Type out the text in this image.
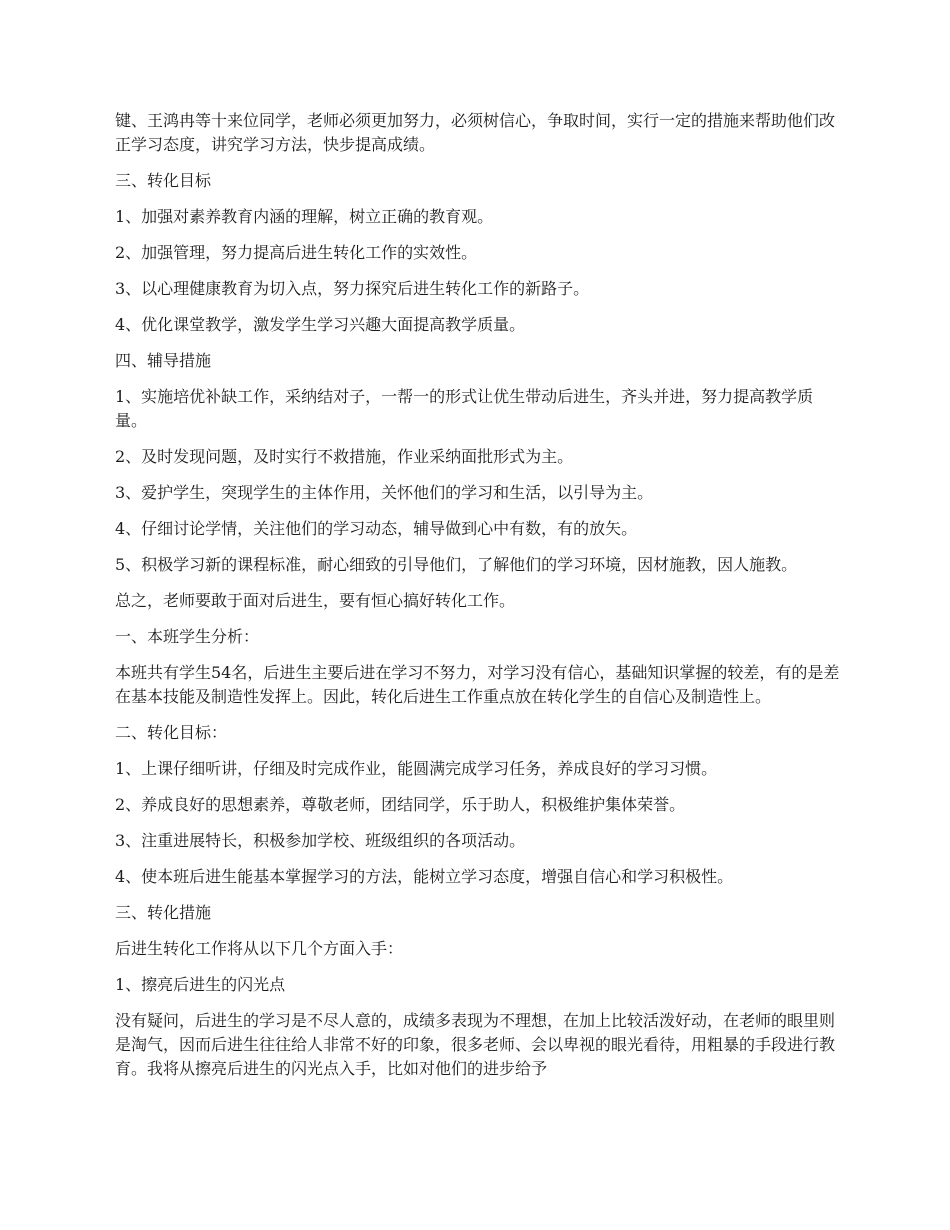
键、王鸿冉等十来位同学，老师必须更加努力，必须树信心，争取时间，实行一定的措施来帮助他们改正学习态度，讲究学习方法，快步提高成绩。

三、转化目标

1、加强对素养教育内涵的理解，树立正确的教育观。

2、加强管理，努力提高后进生转化工作的实效性。

3、以心理健康教育为切入点，努力探究后进生转化工作的新路子。

4、优化课堂教学，激发学生学习兴趣大面提高教学质量。

四、辅导措施

1、实施培优补缺工作，采纳结对子，一帮一的形式让优生带动后进生，齐头并进，努力提高教学质量。

2、及时发现问题，及时实行不救措施，作业采纳面批形式为主。

3、爱护学生，突现学生的主体作用，关怀他们的学习和生活，以引导为主。

4、仔细讨论学情，关注他们的学习动态，辅导做到心中有数，有的放矢。

5、积极学习新的课程标准，耐心细致的引导他们，了解他们的学习环境，因材施教，因人施教。

总之，老师要敢于面对后进生，要有恒心搞好转化工作。

一、本班学生分析：

本班共有学生54名，后进生主要后进在学习不努力，对学习没有信心，基础知识掌握的较差，有的是差在基本技能及制造性发挥上。因此，转化后进生工作重点放在转化学生的自信心及制造性上。

二、转化目标：

1、上课仔细听讲，仔细及时完成作业，能圆满完成学习任务，养成良好的学习习惯。

2、养成良好的思想素养，尊敬老师，团结同学，乐于助人，积极维护集体荣誉。

3、注重进展特长，积极参加学校、班级组织的各项活动。

4、使本班后进生能基本掌握学习的方法，能树立学习态度，增强自信心和学习积极性。

三、转化措施

后进生转化工作将从以下几个方面入手：

1、擦亮后进生的闪光点

没有疑问，后进生的学习是不尽人意的，成绩多表现为不理想，在加上比较活泼好动，在老师的眼里则是淘气，因而后进生往往给人非常不好的印象，很多老师、会以卑视的眼光看待，用粗暴的手段进行教育。我将从擦亮后进生的闪光点入手，比如对他们的进步给予
